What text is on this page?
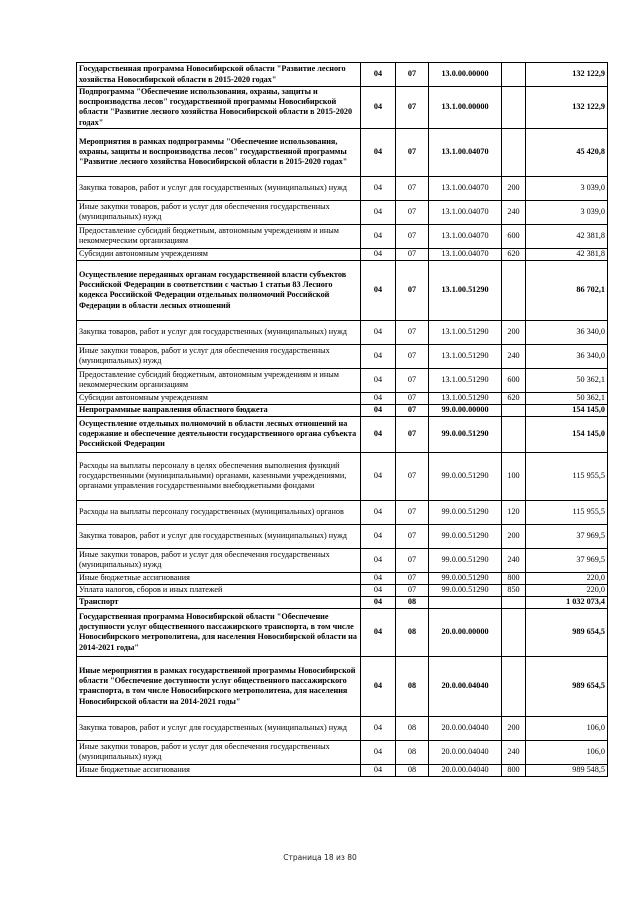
Государственная программа Новосибирской области "Развитие лесного хозяйства Новосибирской области в 2015-2020 годах"	04	07	13.0.00.00000		132 122,9
Подпрограмма "Обеспечение использования, охраны, защиты и воспроизводства лесов" государственной программы Новосибирской области "Развитие лесного хозяйства Новосибирской области в 2015-2020 годах"	04	07	13.1.00.00000		132 122,9
Мероприятия в рамках подпрограммы "Обеспечение использования, охраны, защиты и воспроизводства лесов" государственной программы "Развитие лесного хозяйства Новосибирской области в 2015-2020 годах"	04	07	13.1.00.04070		45 420,8
Закупка товаров, работ и услуг для государственных (муниципальных) нужд	04	07	13.1.00.04070	200	3 039,0
Иные закупки товаров, работ и услуг для обеспечения государственных (муниципальных) нужд	04	07	13.1.00.04070	240	3 039,0
Предоставление субсидий бюджетным, автономным учреждениям и иным некоммерческим организациям	04	07	13.1.00.04070	600	42 381,8
Субсидии автономным учреждениям	04	07	13.1.00.04070	620	42 381,8
Осуществление переданных органам государственной власти субъектов Российской Федерации в соответствии с частью 1 статьи 83 Лесного кодекса Российской Федерации отдельных полномочий Российской Федерации в области лесных отношений	04	07	13.1.00.51290		86 702,1
Закупка товаров, работ и услуг для государственных (муниципальных) нужд	04	07	13.1.00.51290	200	36 340,0
Иные закупки товаров, работ и услуг для обеспечения государственных (муниципальных) нужд	04	07	13.1.00.51290	240	36 340,0
Предоставление субсидий бюджетным, автономным учреждениям и иным некоммерческим организациям	04	07	13.1.00.51290	600	50 362,1
Субсидии автономным учреждениям	04	07	13.1.00.51290	620	50 362,1
Непрограммные направления областного бюджета	04	07	99.0.00.00000		154 145,0
Осуществление отдельных полномочий в области лесных отношений на содержание и обеспечение деятельности государственного органа субъекта Российской Федерации	04	07	99.0.00.51290		154 145,0
Расходы на выплаты персоналу в целях обеспечения выполнения функций государственными (муниципальными) органами, казенными учреждениями, органами управления государственными внебюджетными фондами	04	07	99.0.00.51290	100	115 955,5
Расходы на выплаты персоналу государственных (муниципальных) органов	04	07	99.0.00.51290	120	115 955,5
Закупка товаров, работ и услуг для государственных (муниципальных) нужд	04	07	99.0.00.51290	200	37 969,5
Иные закупки товаров, работ и услуг для обеспечения государственных (муниципальных) нужд	04	07	99.0.00.51290	240	37 969,5
Иные бюджетные ассигнования	04	07	99.0.00.51290	800	220,0
Уплата налогов, сборов и иных платежей	04	07	99.0.00.51290	850	220,0
Транспорт	04	08			1 032 073,4
Государственная программа Новосибирской области "Обеспечение доступности услуг общественного пассажирского транспорта, в том числе Новосибирского метрополитена, для населения Новосибирской области на 2014-2021 годы"	04	08	20.0.00.00000		989 654,5
Иные мероприятия в рамках государственной программы Новосибирской области "Обеспечение доступности услуг общественного пассажирского транспорта, в том числе Новосибирского метрополитена, для населения Новосибирской области на 2014-2021 годы"	04	08	20.0.00.04040		989 654,5
Закупка товаров, работ и услуг для государственных (муниципальных) нужд	04	08	20.0.00.04040	200	106,0
Иные закупки товаров, работ и услуг для обеспечения государственных (муниципальных) нужд	04	08	20.0.00.04040	240	106,0
Иные бюджетные ассигнования	04	08	20.0.00.04040	800	989 548,5
Страница 18 из 80
